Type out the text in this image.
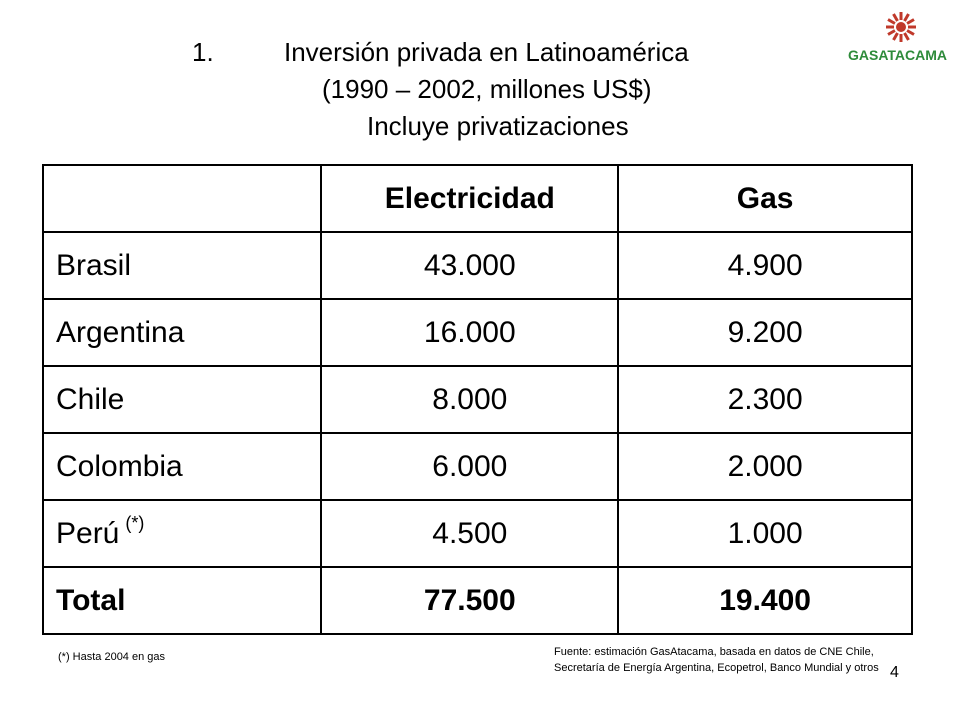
1.	Inversión privada en Latinoamérica
(1990 – 2002, millones US$)
Incluye privatizaciones
GASATACAMA
	Electricidad	Gas
Brasil	43.000	4.900
Argentina	16.000	9.200
Chile	8.000	2.300
Colombia	6.000	2.000
Perú (*)	4.500	1.000
Total	77.500	19.400
(*) Hasta 2004 en gas	Fuente: estimación GasAtacama, basada en datos de CNE Chile, Secretaría de Energía Argentina, Ecopetrol, Banco Mundial y otros 4
